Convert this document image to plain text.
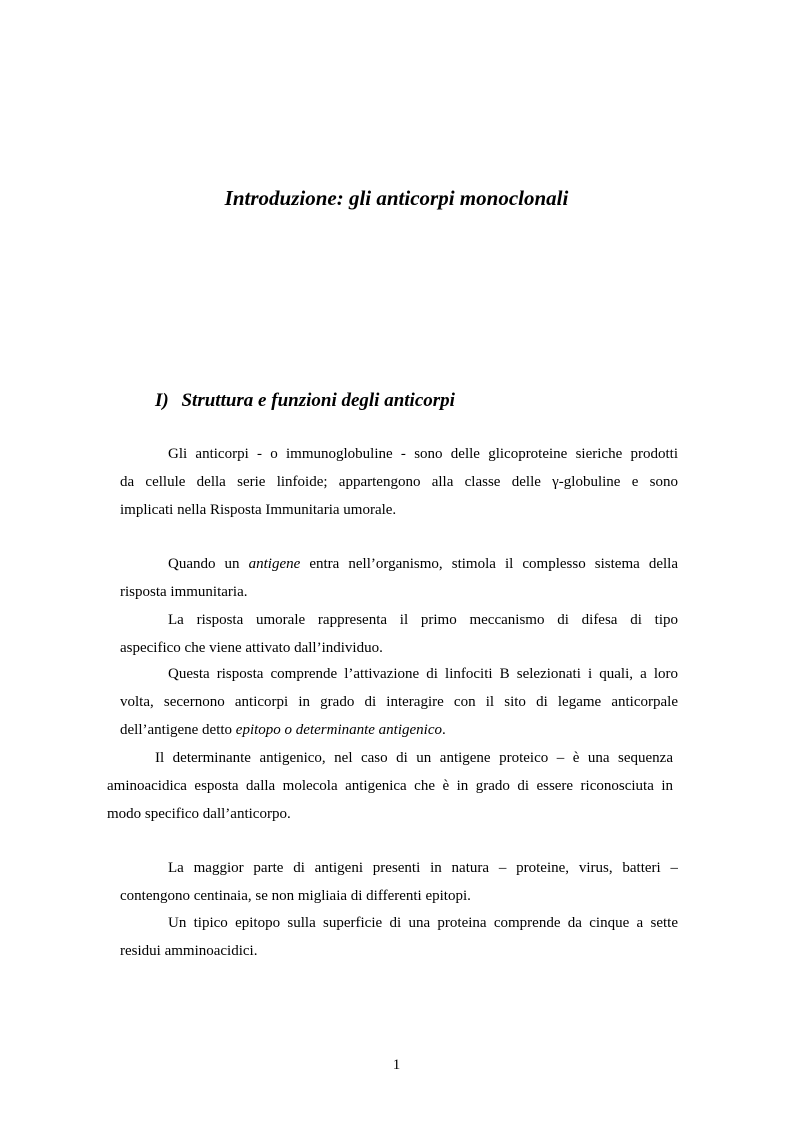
Introduzione: gli anticorpi monoclonali
I) Struttura e funzioni degli anticorpi

Gli anticorpi - o immunoglobuline - sono delle glicoproteine sieriche prodotti
da cellule della serie linfoide; appartengono alla classe delle γ-globuline e sono
implicati nella Risposta Immunitaria umorale.

Quando un antigene entra nell’organismo, stimola il complesso sistema della
risposta immunitaria.

La risposta umorale rappresenta il primo meccanismo di difesa di tipo
aspecifico che viene attivato dall’individuo.

Questa risposta comprende l’attivazione di linfociti B selezionati i quali, a loro
volta, secernono anticorpi in grado di interagire con il sito di legame anticorpale
dell’antigene detto epitopo o determinante antigenico.

Il determinante antigenico, nel caso di un antigene proteico – è una sequenza
aminoacidica esposta dalla molecola antigenica che è in grado di essere riconosciuta in
modo specifico dall’anticorpo.

La maggior parte di antigeni presenti in natura – proteine, virus, batteri –
contengono centinaia, se non migliaia di differenti epitopi.

Un tipico epitopo sulla superficie di una proteina comprende da cinque a sette
residui amminoacidici.

1
